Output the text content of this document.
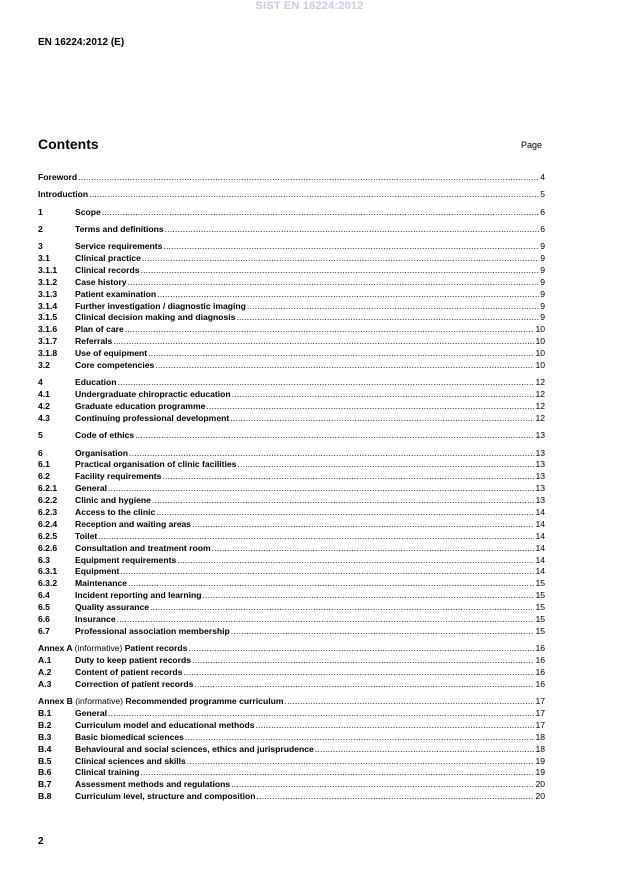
SIST EN 16224:2012
EN 16224:2012 (E)
Contents	Page
Foreword .....	4
Introduction .....	5
1	Scope .....	6
2	Terms and definitions .....	6
3	Service requirements .....	9
3.1	Clinical practice .....	9
3.1.1	Clinical records .....	9
3.1.2	Case history .....	9
3.1.3	Patient examination .....	9
3.1.4	Further investigation / diagnostic imaging .....	9
3.1.5	Clinical decision making and diagnosis .....	9
3.1.6	Plan of care .....	10
3.1.7	Referrals .....	10
3.1.8	Use of equipment .....	10
3.2	Core competencies .....	10
4	Education .....	12
4.1	Undergraduate chiropractic education .....	12
4.2	Graduate education programme .....	12
4.3	Continuing professional development .....	12
5	Code of ethics .....	13
6	Organisation .....	13
6.1	Practical organisation of clinic facilities .....	13
6.2	Facility requirements .....	13
6.2.1	General .....	13
6.2.2	Clinic and hygiene .....	13
6.2.3	Access to the clinic .....	14
6.2.4	Reception and waiting areas .....	14
6.2.5	Toilet .....	14
6.2.6	Consultation and treatment room .....	14
6.3	Equipment requirements .....	14
6.3.1	Equipment .....	14
6.3.2	Maintenance .....	15
6.4	Incident reporting and learning .....	15
6.5	Quality assurance .....	15
6.6	Insurance .....	15
6.7	Professional association membership .....	15
Annex A (informative) Patient records .....	16
A.1	Duty to keep patient records .....	16
A.2	Content of patient records .....	16
A.3	Correction of patient records .....	16
Annex B (informative) Recommended programme curriculum .....	17
B.1	General .....	17
B.2	Curriculum model and educational methods .....	17
B.3	Basic biomedical sciences .....	18
B.4	Behavioural and social sciences, ethics and jurisprudence .....	18
B.5	Clinical sciences and skills .....	19
B.6	Clinical training .....	19
B.7	Assessment methods and regulations .....	20
B.8	Curriculum level, structure and composition .....	20
2
